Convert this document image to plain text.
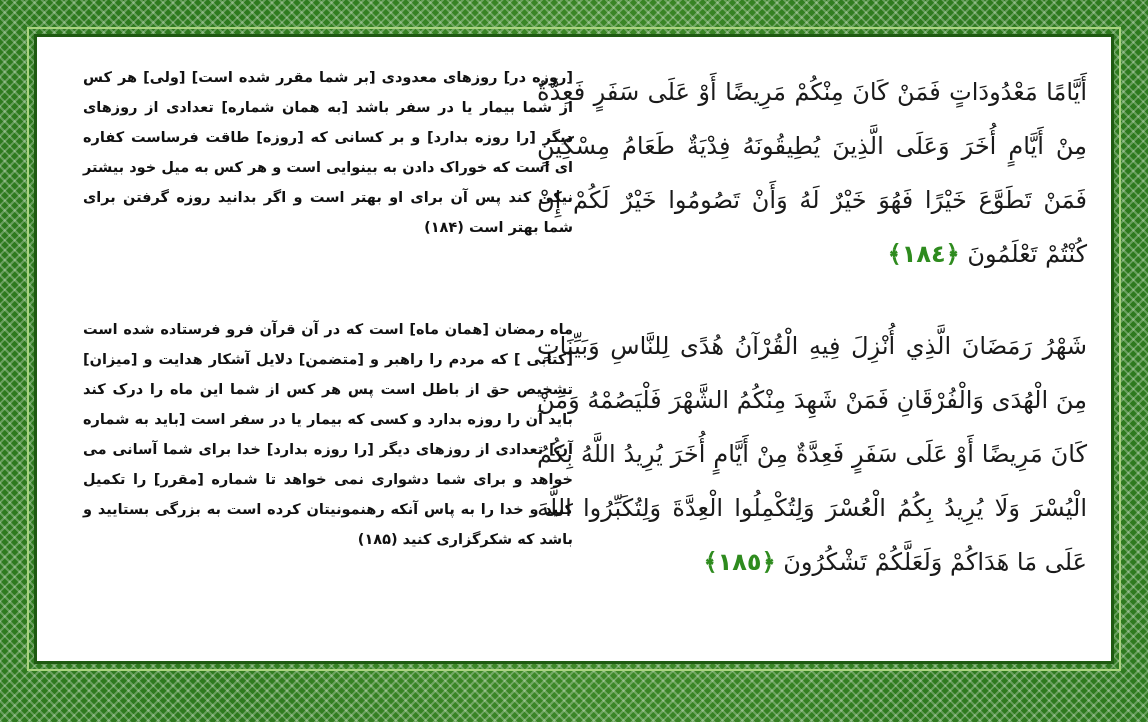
أَيَّامًا مَعْدُودَاتٍ فَمَنْ كَانَ مِنْكُمْ مَرِيضًا أَوْ عَلَى سَفَرٍ فَعِدَّةٌ مِنْ أَيَّامٍ أُخَرَ وَعَلَى الَّذِينَ يُطِيقُونَهُ فِدْيَةٌ طَعَامُ مِسْكِينٍ فَمَنْ تَطَوَّعَ خَيْرًا فَهُوَ خَيْرٌ لَهُ وَأَنْ تَصُومُوا خَيْرٌ لَكُمْ إِنْ كُنْتُمْ تَعْلَمُونَ ﴿١٨٤﴾
[روزه در] روزهاى معدودى [بر شما مقرر شده است] [ولى] هر كس از شما بيمار يا در سفر باشد [به همان شماره] تعدادى از روزهاى ديگر [را روزه بدارد] و بر كسانى كه [روزه] طاقت فرساست كفاره اى است كه خوراک دادن به بينوايى است و هر كس به ميل خود بيشتر نيكى كند پس آن براى او بهتر است و اگر بدانيد روزه گرفتن براى شما بهتر است (۱۸۴)
شَهْرُ رَمَضَانَ الَّذِي أُنْزِلَ فِيهِ الْقُرْآنُ هُدًى لِلنَّاسِ وَبَيِّنَاتٍ مِنَ الْهُدَى وَالْفُرْقَانِ فَمَنْ شَهِدَ مِنْكُمُ الشَّهْرَ فَلْيَصُمْهُ وَمَنْ كَانَ مَرِيضًا أَوْ عَلَى سَفَرٍ فَعِدَّةٌ مِنْ أَيَّامٍ أُخَرَ يُرِيدُ اللَّهُ بِكُمُ الْيُسْرَ وَلَا يُرِيدُ بِكُمُ الْعُسْرَ وَلِتُكْمِلُوا الْعِدَّةَ وَلِتُكَبِّرُوا اللَّهَ عَلَى مَا هَدَاكُمْ وَلَعَلَّكُمْ تَشْكُرُونَ ﴿١٨٥﴾
ماه رمضان [همان ماه] است كه در آن قرآن فرو فرستاده شده است [كتابى ] كه مردم را راهبر و [متضمن] دلايل آشكار هدايت و [ميزان] تشخيص حق از باطل است پس هر كس از شما اين ماه را درک كند بايد آن را روزه بدارد و كسى كه بيمار يا در سفر است [بايد به شماره آن] تعدادى از روزهاى ديگر [را روزه بدارد] خدا براى شما آسانى مى خواهد و براى شما دشوارى نمى خواهد تا شماره [مقرر] را تكميل كنيد و خدا را به پاس آنكه رهنمونيتان كرده است به بزرگى بستاييد و باشد كه شكرگزارى كنيد (۱۸۵)
